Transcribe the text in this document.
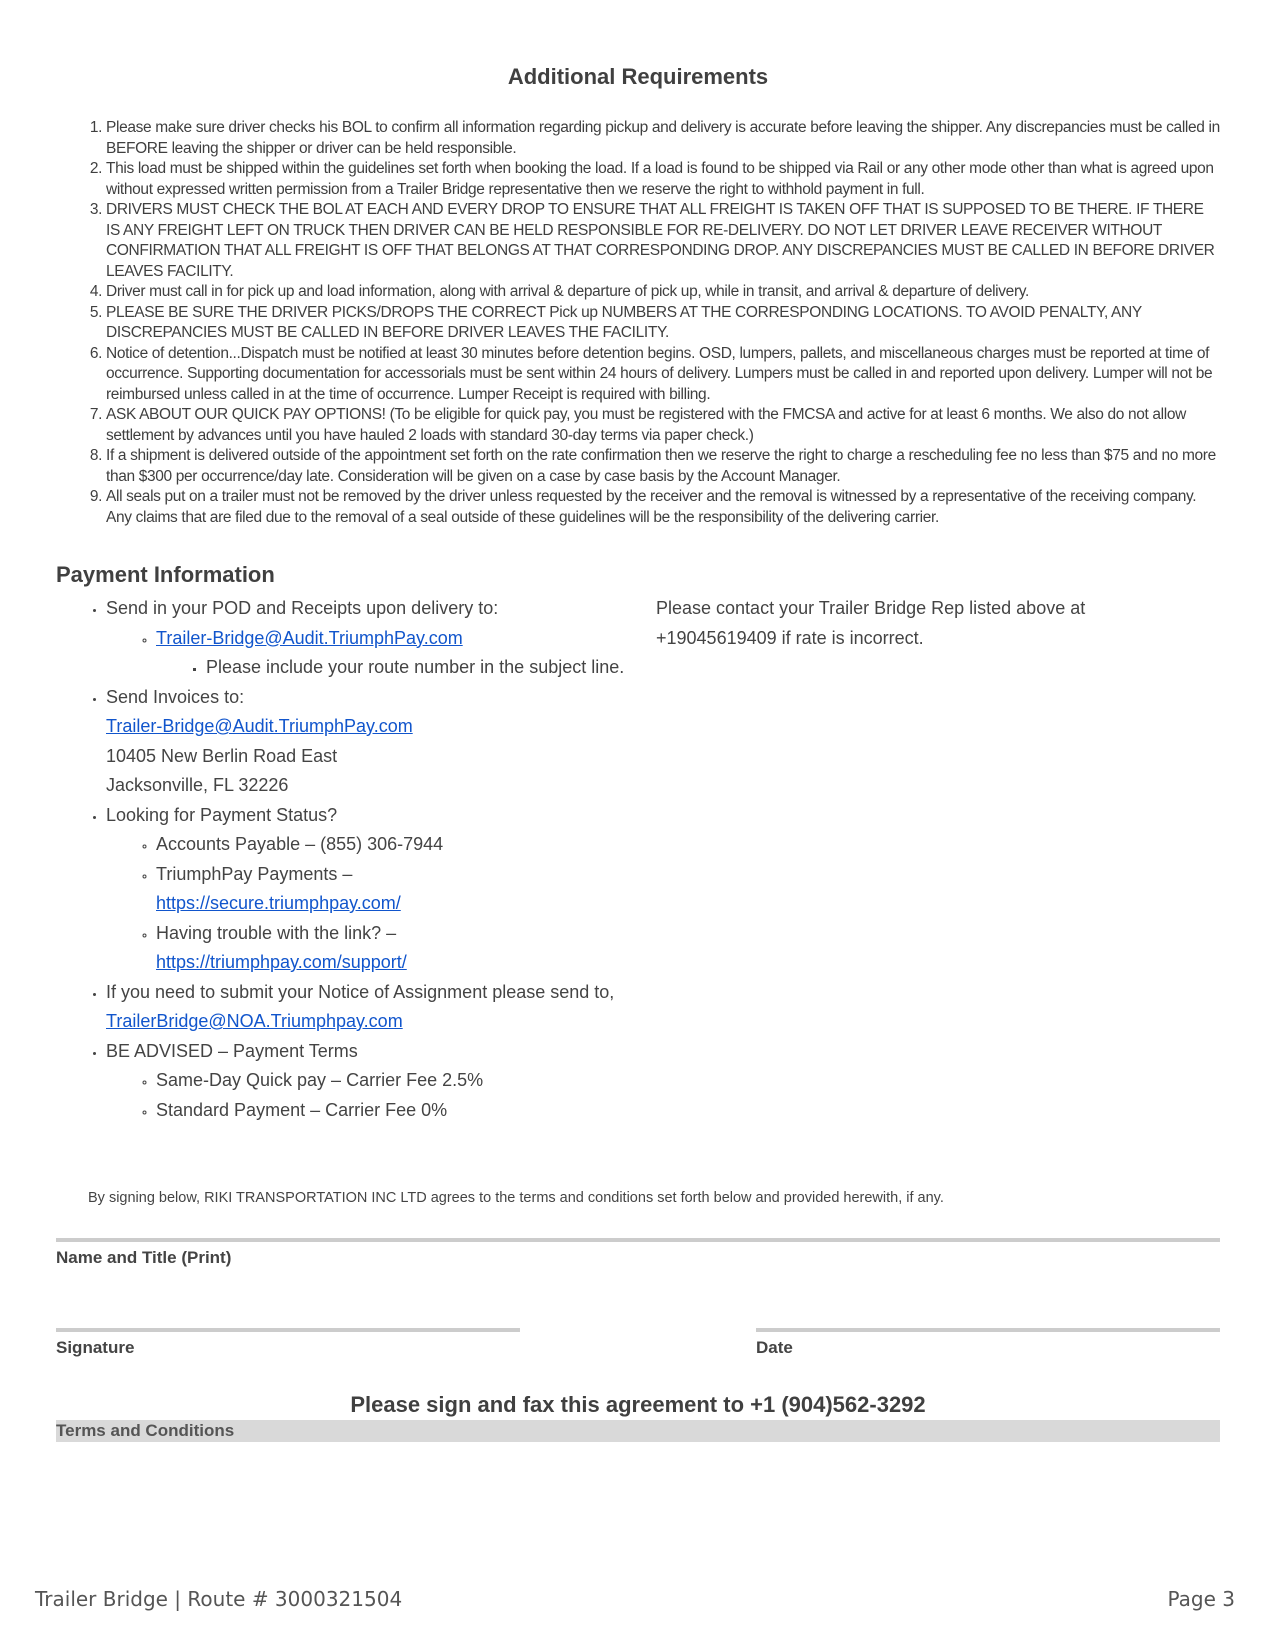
Additional Requirements
1. Please make sure driver checks his BOL to confirm all information regarding pickup and delivery is accurate before leaving the shipper. Any discrepancies must be called in BEFORE leaving the shipper or driver can be held responsible.
2. This load must be shipped within the guidelines set forth when booking the load. If a load is found to be shipped via Rail or any other mode other than what is agreed upon without expressed written permission from a Trailer Bridge representative then we reserve the right to withhold payment in full.
3. DRIVERS MUST CHECK THE BOL AT EACH AND EVERY DROP TO ENSURE THAT ALL FREIGHT IS TAKEN OFF THAT IS SUPPOSED TO BE THERE. IF THERE IS ANY FREIGHT LEFT ON TRUCK THEN DRIVER CAN BE HELD RESPONSIBLE FOR RE-DELIVERY. DO NOT LET DRIVER LEAVE RECEIVER WITHOUT CONFIRMATION THAT ALL FREIGHT IS OFF THAT BELONGS AT THAT CORRESPONDING DROP. ANY DISCREPANCIES MUST BE CALLED IN BEFORE DRIVER LEAVES FACILITY.
4. Driver must call in for pick up and load information, along with arrival & departure of pick up, while in transit, and arrival & departure of delivery.
5. PLEASE BE SURE THE DRIVER PICKS/DROPS THE CORRECT Pick up NUMBERS AT THE CORRESPONDING LOCATIONS. TO AVOID PENALTY, ANY DISCREPANCIES MUST BE CALLED IN BEFORE DRIVER LEAVES THE FACILITY.
6. Notice of detention...Dispatch must be notified at least 30 minutes before detention begins. OSD, lumpers, pallets, and miscellaneous charges must be reported at time of occurrence. Supporting documentation for accessorials must be sent within 24 hours of delivery. Lumpers must be called in and reported upon delivery. Lumper will not be reimbursed unless called in at the time of occurrence. Lumper Receipt is required with billing.
7. ASK ABOUT OUR QUICK PAY OPTIONS! (To be eligible for quick pay, you must be registered with the FMCSA and active for at least 6 months. We also do not allow settlement by advances until you have hauled 2 loads with standard 30-day terms via paper check.)
8. If a shipment is delivered outside of the appointment set forth on the rate confirmation then we reserve the right to charge a rescheduling fee no less than $75 and no more than $300 per occurrence/day late. Consideration will be given on a case by case basis by the Account Manager.
9. All seals put on a trailer must not be removed by the driver unless requested by the receiver and the removal is witnessed by a representative of the receiving company. Any claims that are filed due to the removal of a seal outside of these guidelines will be the responsibility of the delivering carrier.
Payment Information
• Send in your POD and Receipts upon delivery to:
◦ Trailer-Bridge@Audit.TriumphPay.com
▪ Please include your route number in the subject line.
• Send Invoices to:
Trailer-Bridge@Audit.TriumphPay.com
10405 New Berlin Road East
Jacksonville, FL 32226
• Looking for Payment Status?
◦ Accounts Payable – (855) 306-7944
◦ TriumphPay Payments –
https://secure.triumphpay.com/
◦ Having trouble with the link? –
https://triumphpay.com/support/
• If you need to submit your Notice of Assignment please send to, TrailerBridge@NOA.Triumphpay.com
• BE ADVISED – Payment Terms
◦ Same-Day Quick pay – Carrier Fee 2.5%
◦ Standard Payment – Carrier Fee 0%
Please contact your Trailer Bridge Rep listed above at +19045619409 if rate is incorrect.
By signing below, RIKI TRANSPORTATION INC LTD agrees to the terms and conditions set forth below and provided herewith, if any.
Name and Title (Print)
Signature	Date
Please sign and fax this agreement to +1 (904)562-3292
Terms and Conditions
Trailer Bridge | Route # 3000321504	Page 3
